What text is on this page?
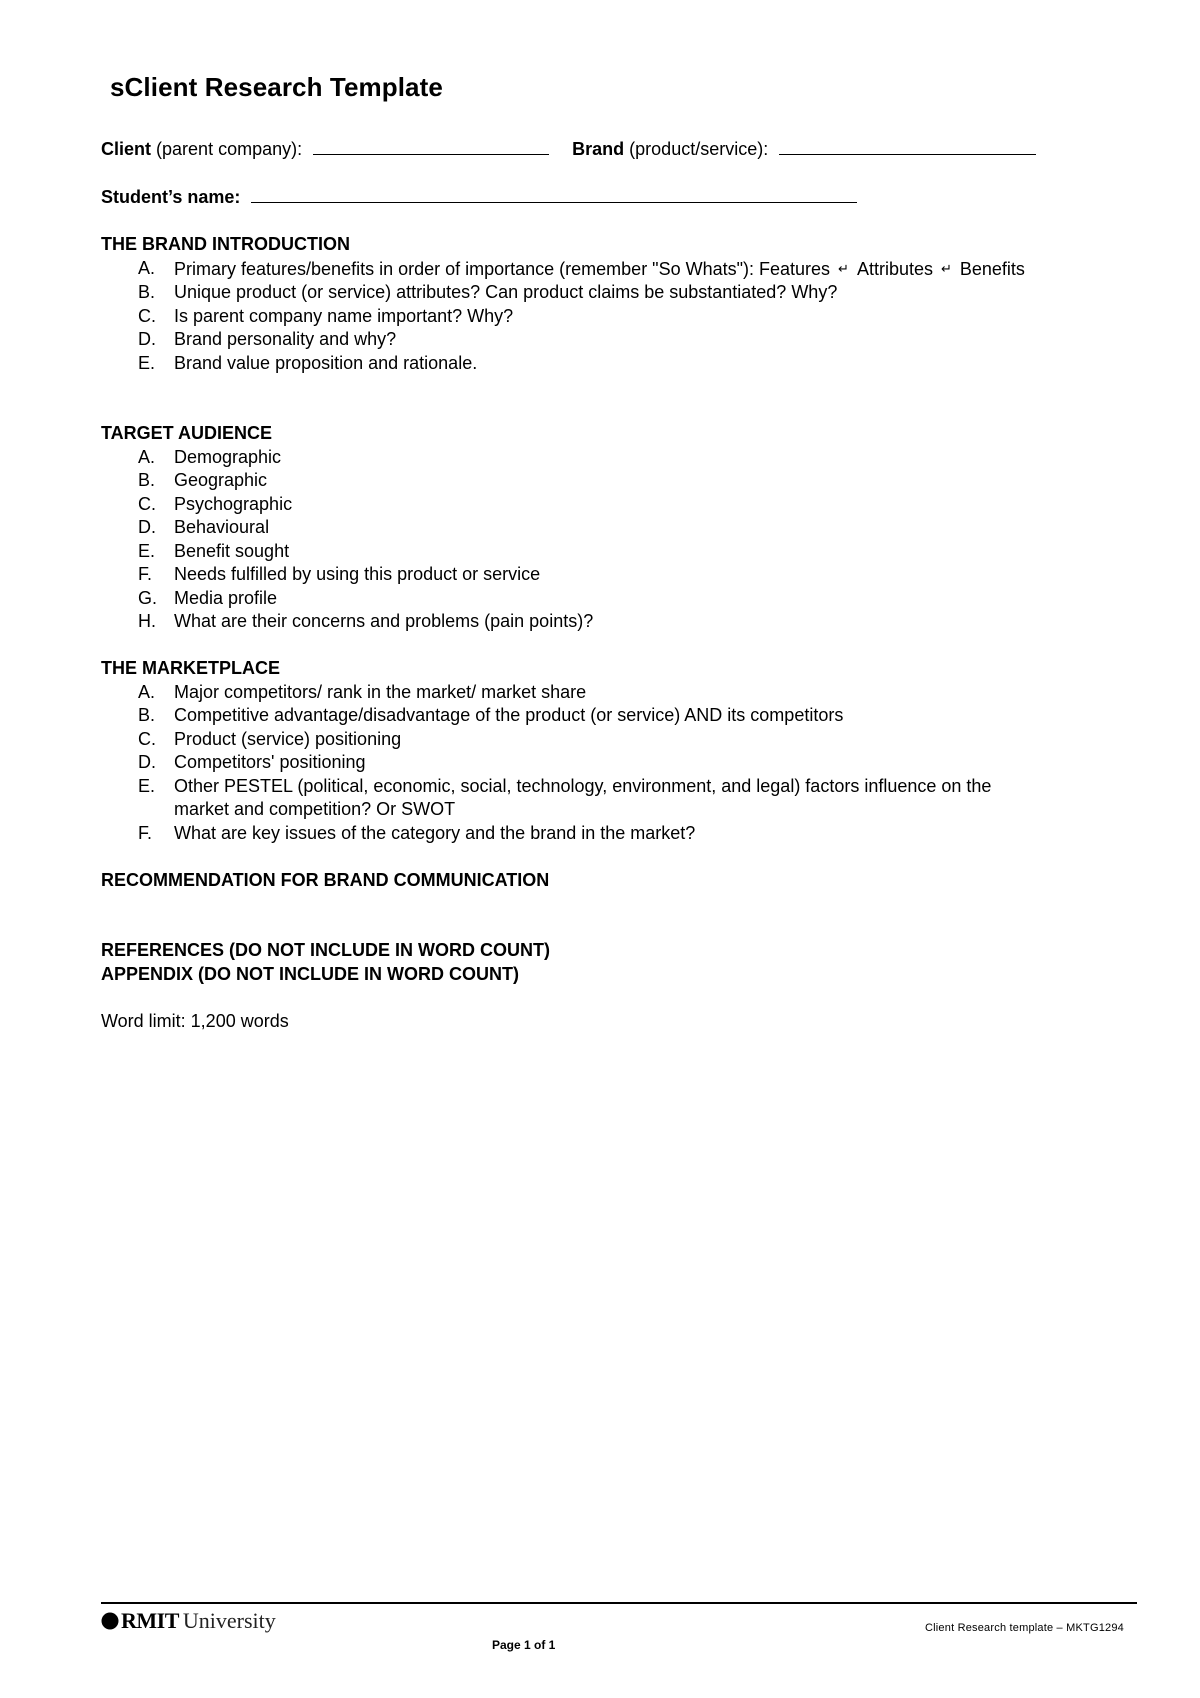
sClient Research Template
Client (parent company):	Brand (product/service):
Student’s name:
THE BRAND INTRODUCTION
A. Primary features/benefits in order of importance (remember "So Whats"): Features ↵ Attributes ↵ Benefits
B. Unique product (or service) attributes? Can product claims be substantiated? Why?
C. Is parent company name important? Why?
D. Brand personality and why?
E. Brand value proposition and rationale.
TARGET AUDIENCE
A. Demographic
B. Geographic
C. Psychographic
D. Behavioural
E. Benefit sought
F. Needs fulfilled by using this product or service
G. Media profile
H. What are their concerns and problems (pain points)?
THE MARKETPLACE
A. Major competitors/ rank in the market/ market share
B. Competitive advantage/disadvantage of the product (or service) AND its competitors
C. Product (service) positioning
D. Competitors' positioning
E. Other PESTEL (political, economic, social, technology, environment, and legal) factors influence on the
market and competition? Or SWOT
F. What are key issues of the category and the brand in the market?
RECOMMENDATION FOR BRAND COMMUNICATION
REFERENCES (DO NOT INCLUDE IN WORD COUNT)
APPENDIX (DO NOT INCLUDE IN WORD COUNT)
Word limit: 1,200 words
RMIT University
Page 1 of 1
Client Research template – MKTG1294
